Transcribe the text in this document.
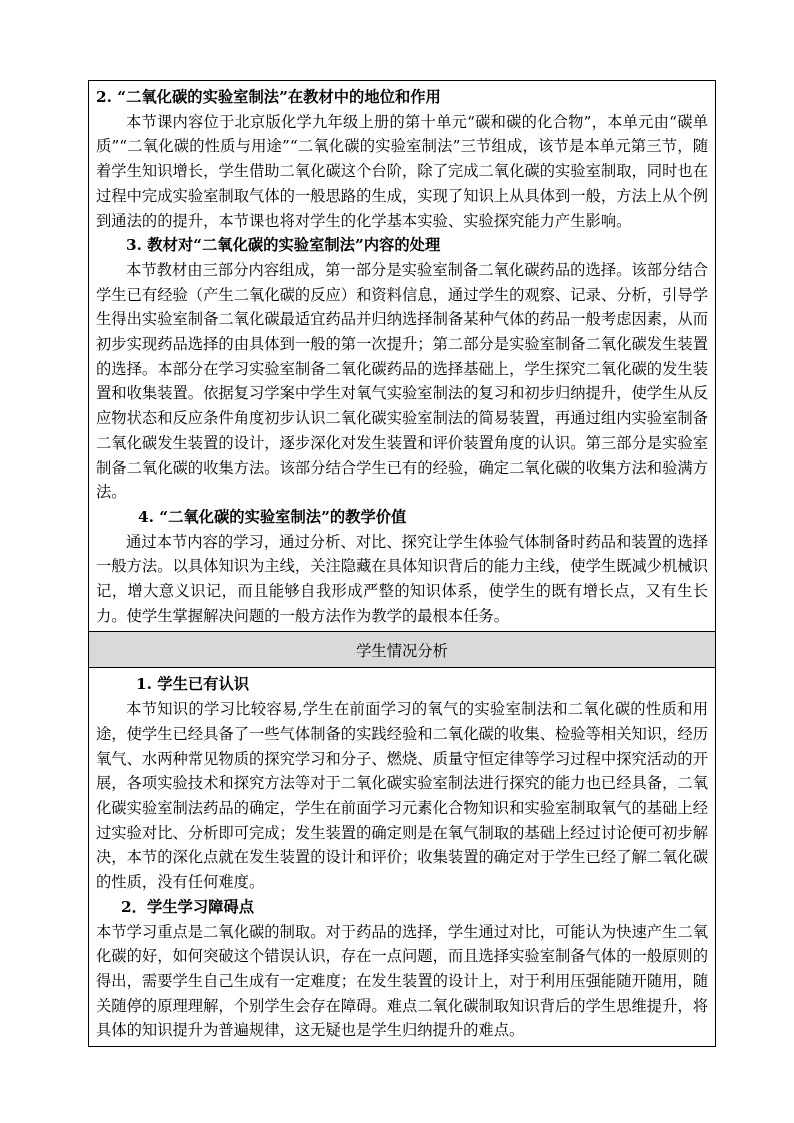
2. “二氧化碳的实验室制法”在教材中的地位和作用

本节课内容位于北京版化学九年级上册的第十单元“碳和碳的化合物”，本单元由“碳单质”“二氧化碳的性质与用途”“二氧化碳的实验室制法”三节组成，该节是本单元第三节，随着学生知识增长，学生借助二氧化碳这个台阶，除了完成二氧化碳的实验室制取，同时也在过程中完成实验室制取气体的一般思路的生成，实现了知识上从具体到一般，方法上从个例到通法的的提升，本节课也将对学生的化学基本实验、实验探究能力产生影响。

3. 教材对“二氧化碳的实验室制法”内容的处理

本节教材由三部分内容组成，第一部分是实验室制备二氧化碳药品的选择。该部分结合学生已有经验（产生二氧化碳的反应）和资料信息，通过学生的观察、记录、分析，引导学生得出实验室制备二氧化碳最适宜药品并归纳选择制备某种气体的药品一般考虑因素，从而初步实现药品选择的由具体到一般的第一次提升；第二部分是实验室制备二氧化碳发生装置的选择。本部分在学习实验室制备二氧化碳药品的选择基础上，学生探究二氧化碳的发生装置和收集装置。依据复习学案中学生对氧气实验室制法的复习和初步归纳提升，使学生从反应物状态和反应条件角度初步认识二氧化碳实验室制法的简易装置，再通过组内实验室制备二氧化碳发生装置的设计，逐步深化对发生装置和评价装置角度的认识。第三部分是实验室制备二氧化碳的收集方法。该部分结合学生已有的经验，确定二氧化碳的收集方法和验满方法。

4. “二氧化碳的实验室制法”的教学价值

通过本节内容的学习，通过分析、对比、探究让学生体验气体制备时药品和装置的选择一般方法。以具体知识为主线，关注隐藏在具体知识背后的能力主线，使学生既减少机械识记，增大意义识记，而且能够自我形成严整的知识体系，使学生的既有增长点，又有生长力。使学生掌握解决问题的一般方法作为教学的最根本任务。

学生情况分析

1. 学生已有认识

本节知识的学习比较容易,学生在前面学习的氧气的实验室制法和二氧化碳的性质和用途，使学生已经具备了一些气体制备的实践经验和二氧化碳的收集、检验等相关知识，经历氧气、水两种常见物质的探究学习和分子、燃烧、质量守恒定律等学习过程中探究活动的开展，各项实验技术和探究方法等对于二氧化碳实验室制法进行探究的能力也已经具备，二氧化碳实验室制法药品的确定，学生在前面学习元素化合物知识和实验室制取氧气的基础上经过实验对比、分析即可完成；发生装置的确定则是在氧气制取的基础上经过讨论便可初步解决，本节的深化点就在发生装置的设计和评价；收集装置的确定对于学生已经了解二氧化碳的性质，没有任何难度。

2．学生学习障碍点

本节学习重点是二氧化碳的制取。对于药品的选择，学生通过对比，可能认为快速产生二氧化碳的好，如何突破这个错误认识，存在一点问题，而且选择实验室制备气体的一般原则的得出，需要学生自己生成有一定难度；在发生装置的设计上，对于利用压强能随开随用，随关随停的原理理解，个别学生会存在障碍。难点二氧化碳制取知识背后的学生思维提升，将具体的知识提升为普遍规律，这无疑也是学生归纳提升的难点。
